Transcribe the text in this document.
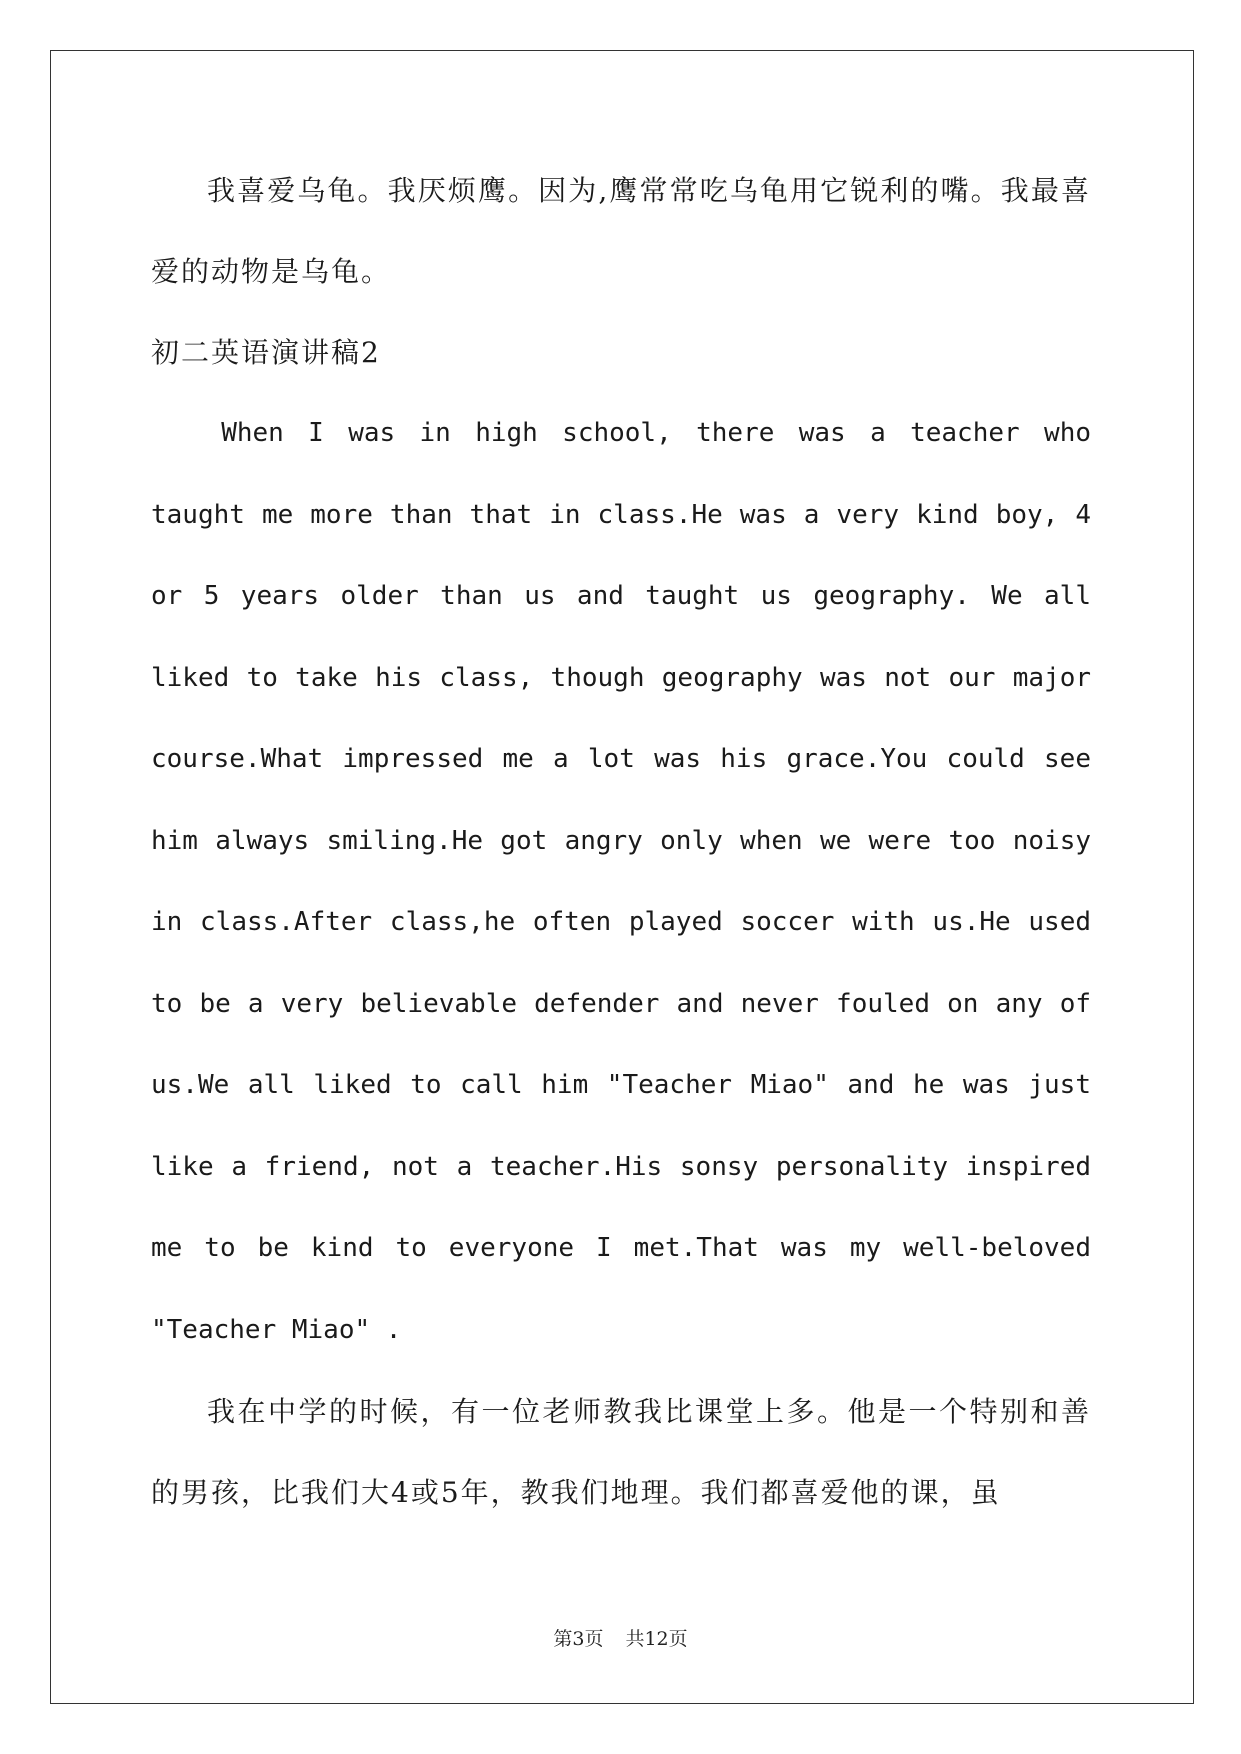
我喜爱乌龟。我厌烦鹰。因为,鹰常常吃乌龟用它锐利的嘴。我最喜爱的动物是乌龟。

初二英语演讲稿2

When I was in high school, there was a teacher who taught me more than that in class.He was a very kind boy, 4 or 5 years older than us and taught us geography. We all liked to take his class, though geography was not our major course.What impressed me a lot was his grace.You could see him always smiling.He got angry only when we were too noisy in class.After class,he often played soccer with us.He used to be a very believable defender and never fouled on any of us.We all liked to call him "Teacher Miao" and he was just like a friend, not a teacher.His sonsy personality inspired me to be kind to everyone I met.That was my well-beloved "Teacher Miao" .

我在中学的时候，有一位老师教我比课堂上多。他是一个特别和善的男孩，比我们大4或5年，教我们地理。我们都喜爱他的课，虽

第3页 共12页
